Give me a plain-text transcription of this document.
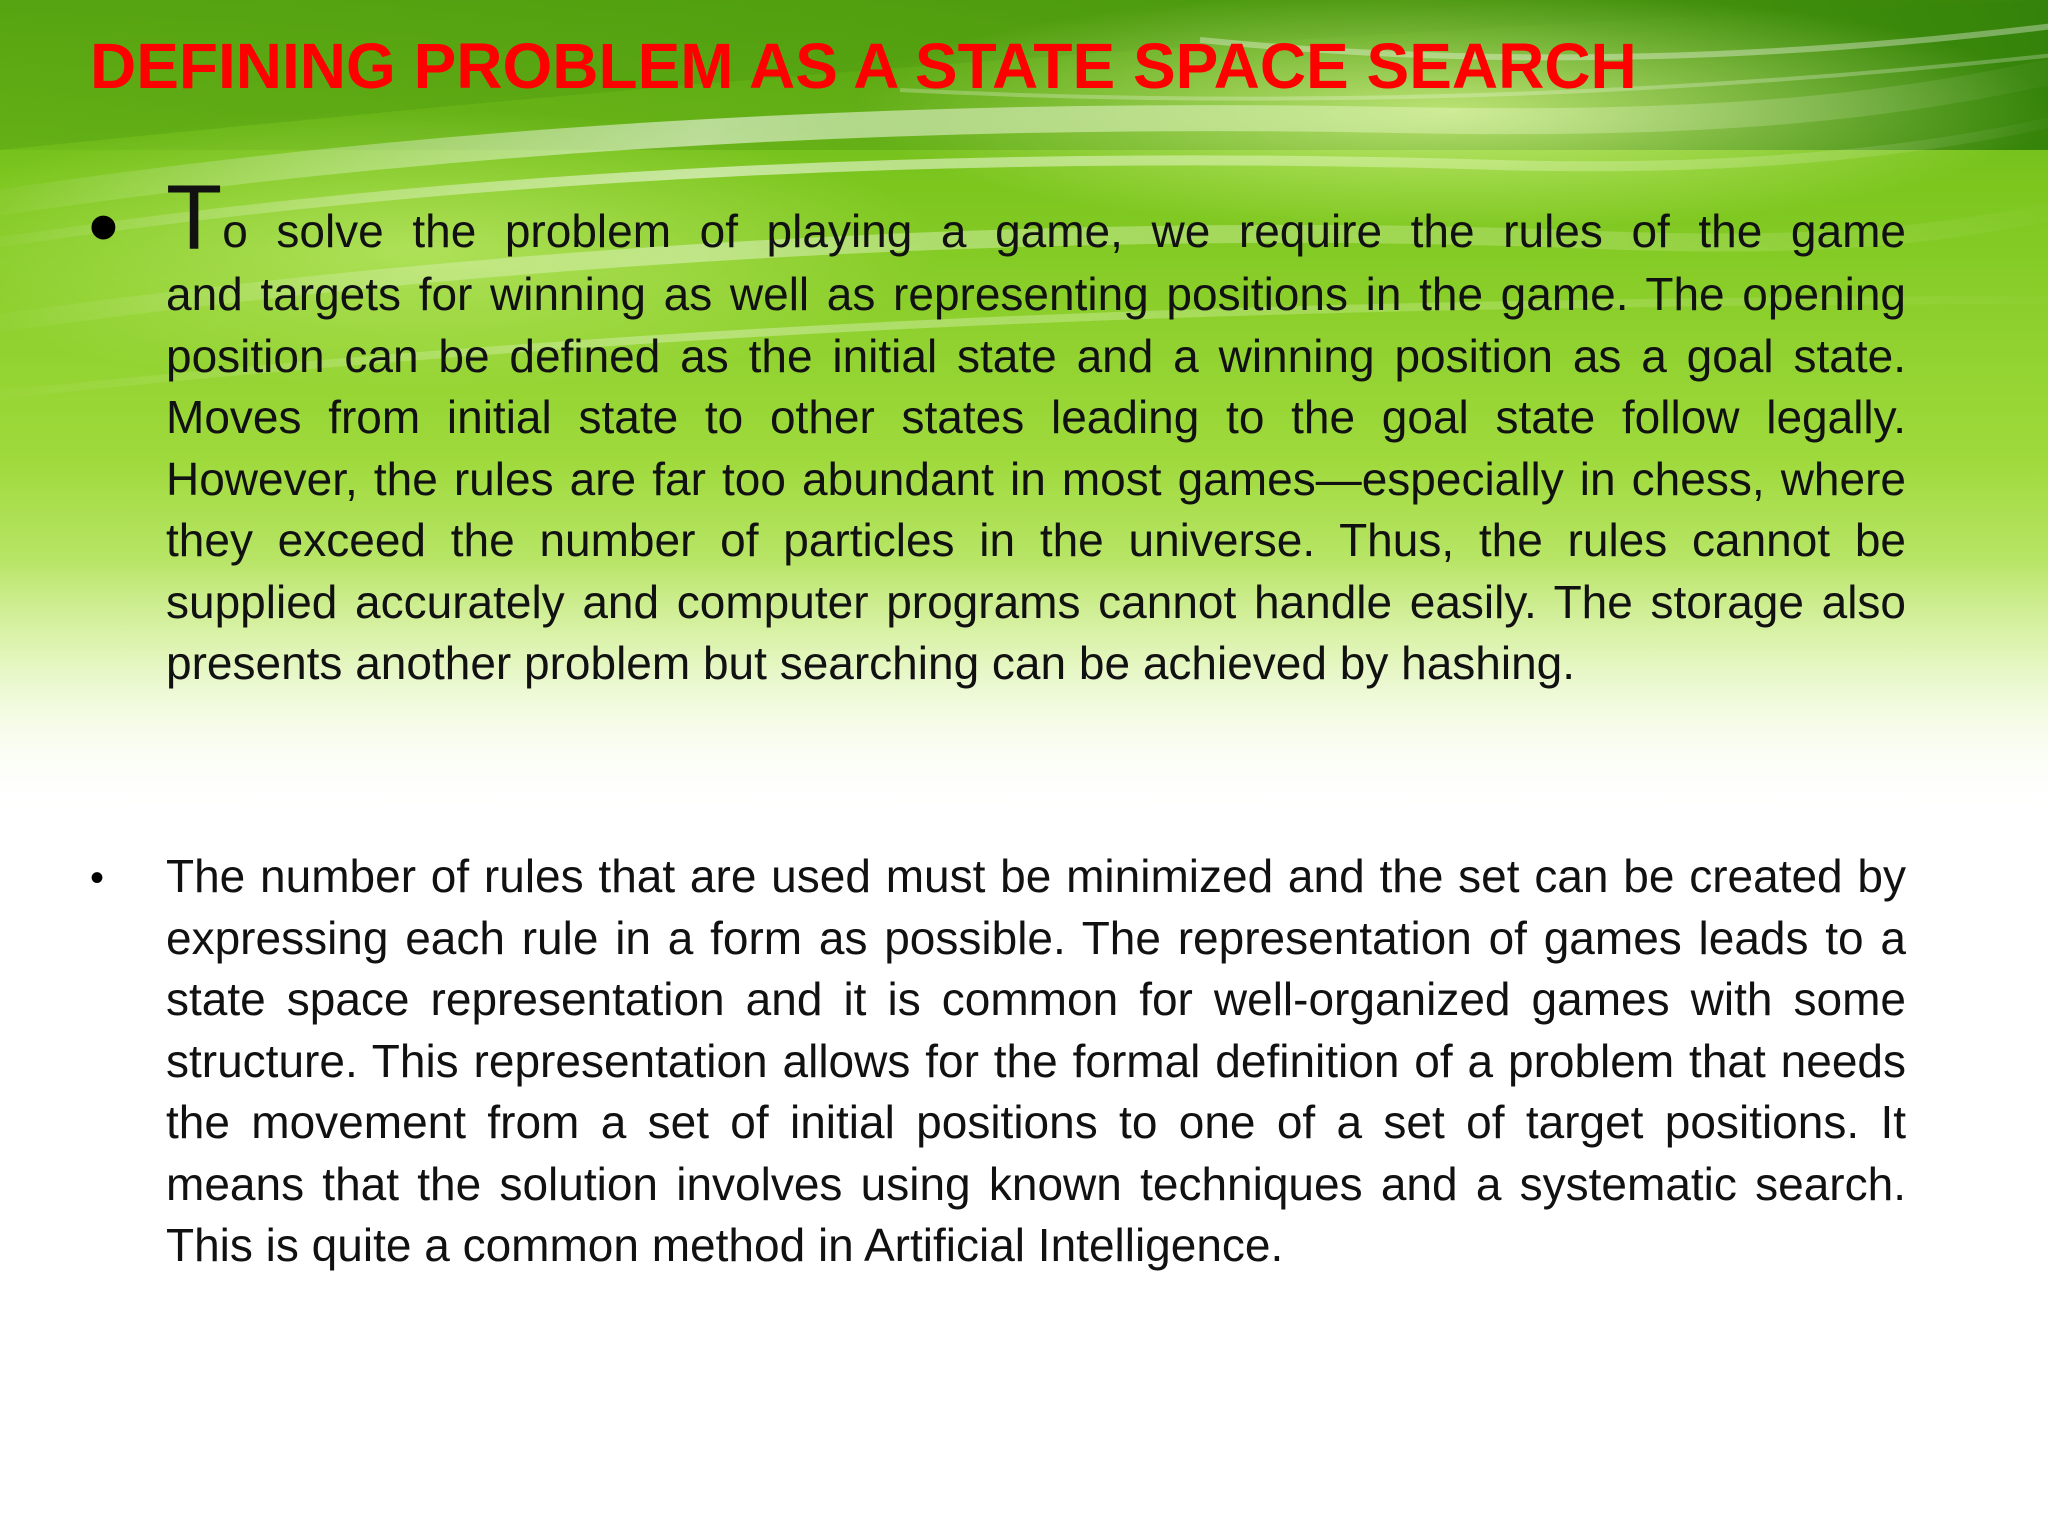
DEFINING PROBLEM AS A STATE SPACE SEARCH
• To solve the problem of playing a game, we require the rules of the game
and targets for winning as well as representing positions in the game. The opening position can be defined as the initial state and a winning position as a goal state. Moves from initial state to other states leading to the goal state follow legally. However, the rules are far too abundant in most games—especially in chess, where they exceed the number of particles in the universe. Thus, the rules cannot be supplied accurately and computer programs cannot handle easily. The storage also presents another problem but searching can be achieved by hashing.

• The number of rules that are used must be minimized and the set can be created by expressing each rule in a form as possible. The representation of games leads to a state space representation and it is common for well-organized games with some structure. This representation allows for the formal definition of a problem that needs the movement from a set of initial positions to one of a set of target positions. It means that the solution involves using known techniques and a systematic search. This is quite a common method in Artificial Intelligence.
